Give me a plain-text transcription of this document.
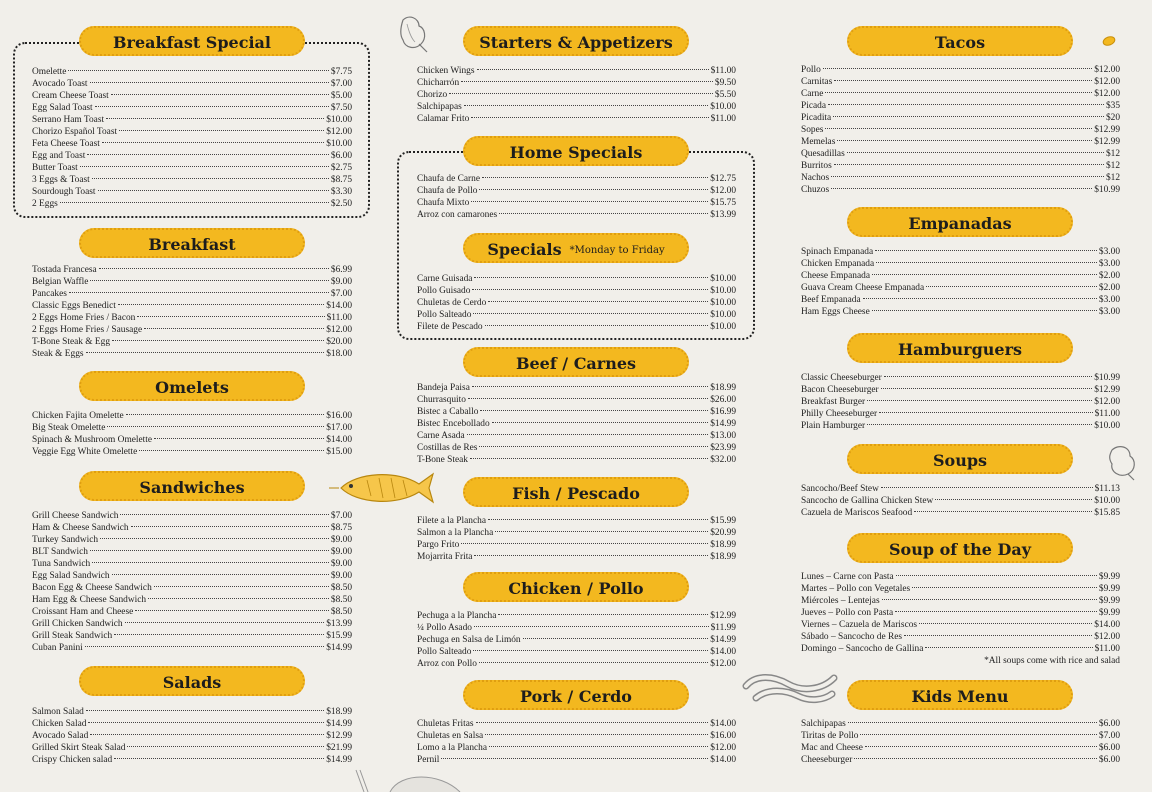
Breakfast Special
Omelette	$7.75
Avocado Toast	$7.00
Cream Cheese Toast	$5.00
Egg Salad Toast	$7.50
Serrano Ham Toast	$10.00
Chorizo Español Toast	$12.00
Feta Cheese Toast	$10.00
Egg and Toast	$6.00
Butter Toast	$2.75
3 Eggs & Toast	$8.75
Sourdough Toast	$3.30
2 Eggs	$2.50
Breakfast
Tostada Francesa	$6.99
Belgian Waffle	$9.00
Pancakes	$7.00
Classic Eggs Benedict	$14.00
2 Eggs Home Fries / Bacon	$11.00
2 Eggs Home Fries / Sausage	$12.00
T-Bone Steak & Egg	$20.00
Steak & Eggs	$18.00
Omelets
Chicken Fajita Omelette	$16.00
Big Steak Omelette	$17.00
Spinach & Mushroom Omelette	$14.00
Veggie Egg White Omelette	$15.00
Sandwiches
Grill Cheese Sandwich	$7.00
Ham & Cheese Sandwich	$8.75
Turkey Sandwich	$9.00
BLT Sandwich	$9.00
Tuna Sandwich	$9.00
Egg Salad Sandwich	$9.00
Bacon Egg & Cheese Sandwich	$8.50
Ham Egg & Cheese Sandwich	$8.50
Croissant Ham and Cheese	$8.50
Grill Chicken Sandwich	$13.99
Grill Steak Sandwich	$15.99
Cuban Panini	$14.99
Salads
Salmon Salad	$18.99
Chicken Salad	$14.99
Avocado Salad	$12.99
Grilled Skirt Steak Salad	$21.99
Crispy Chicken salad	$14.99
Starters & Appetizers
Chicken Wings	$11.00
Chicharrón	$9.50
Chorizo	$5.50
Salchipapas	$10.00
Calamar Frito	$11.00
Home Specials
Chaufa de Carne	$12.75
Chaufa de Pollo	$12.00
Chaufa Mixto	$15.75
Arroz con camarones	$13.99
Specials *Monday to Friday
Carne Guisada	$10.00
Pollo Guisado	$10.00
Chuletas de Cerdo	$10.00
Pollo Salteado	$10.00
Filete de Pescado	$10.00
Beef / Carnes
Bandeja Paisa	$18.99
Churrasquito	$26.00
Bistec a Caballo	$16.99
Bistec Encebollado	$14.99
Carne Asada	$13.00
Costillas de Res	$23.99
T-Bone Steak	$32.00
Fish / Pescado
Filete a la Plancha	$15.99
Salmon a la Plancha	$20.99
Pargo Frito	$18.99
Mojarrita Frita	$18.99
Chicken / Pollo
Pechuga a la Plancha	$12.99
¼ Pollo Asado	$11.99
Pechuga en Salsa de Limón	$14.99
Pollo Salteado	$14.00
Arroz con Pollo	$12.00
Pork / Cerdo
Chuletas Fritas	$14.00
Chuletas en Salsa	$16.00
Lomo a la Plancha	$12.00
Pernil	$14.00
Tacos
Pollo	$12.00
Carnitas	$12.00
Carne	$12.00
Picada	$35
Picadita	$20
Sopes	$12.99
Memelas	$12.99
Quesadillas	$12
Burritos	$12
Nachos	$12
Chuzos	$10.99
Empanadas
Spinach Empanada	$3.00
Chicken Empanada	$3.00
Cheese Empanada	$2.00
Guava Cream Cheese Empanada	$2.00
Beef Empanada	$3.00
Ham Eggs Cheese	$3.00
Hamburguers
Classic Cheeseburger	$10.99
Bacon Cheeseburger	$12.99
Breakfast Burger	$12.00
Philly Cheeseburger	$11.00
Plain Hamburger	$10.00
Soups
Sancocho/Beef Stew	$11.13
Sancocho de Gallina Chicken Stew	$10.00
Cazuela de Mariscos Seafood	$15.85
Soup of the Day
Lunes – Carne con Pasta	$9.99
Martes – Pollo con Vegetales	$9.99
Miércoles – Lentejas	$9.99
Jueves – Pollo con Pasta	$9.99
Viernes – Cazuela de Mariscos	$14.00
Sábado – Sancocho de Res	$12.00
Domingo – Sancocho de Gallina	$11.00
*All soups come with rice and salad
Kids Menu
Salchipapas	$6.00
Tiritas de Pollo	$7.00
Mac and Cheese	$6.00
Cheeseburger	$6.00
